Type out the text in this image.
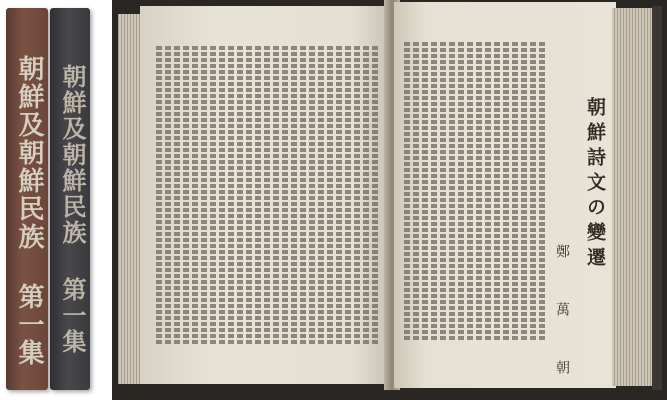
朝鮮及朝鮮民族 第一集 朝鮮及朝鮮民族 第一集	朝鮮詩文の變遷
鄭 萬 朝
